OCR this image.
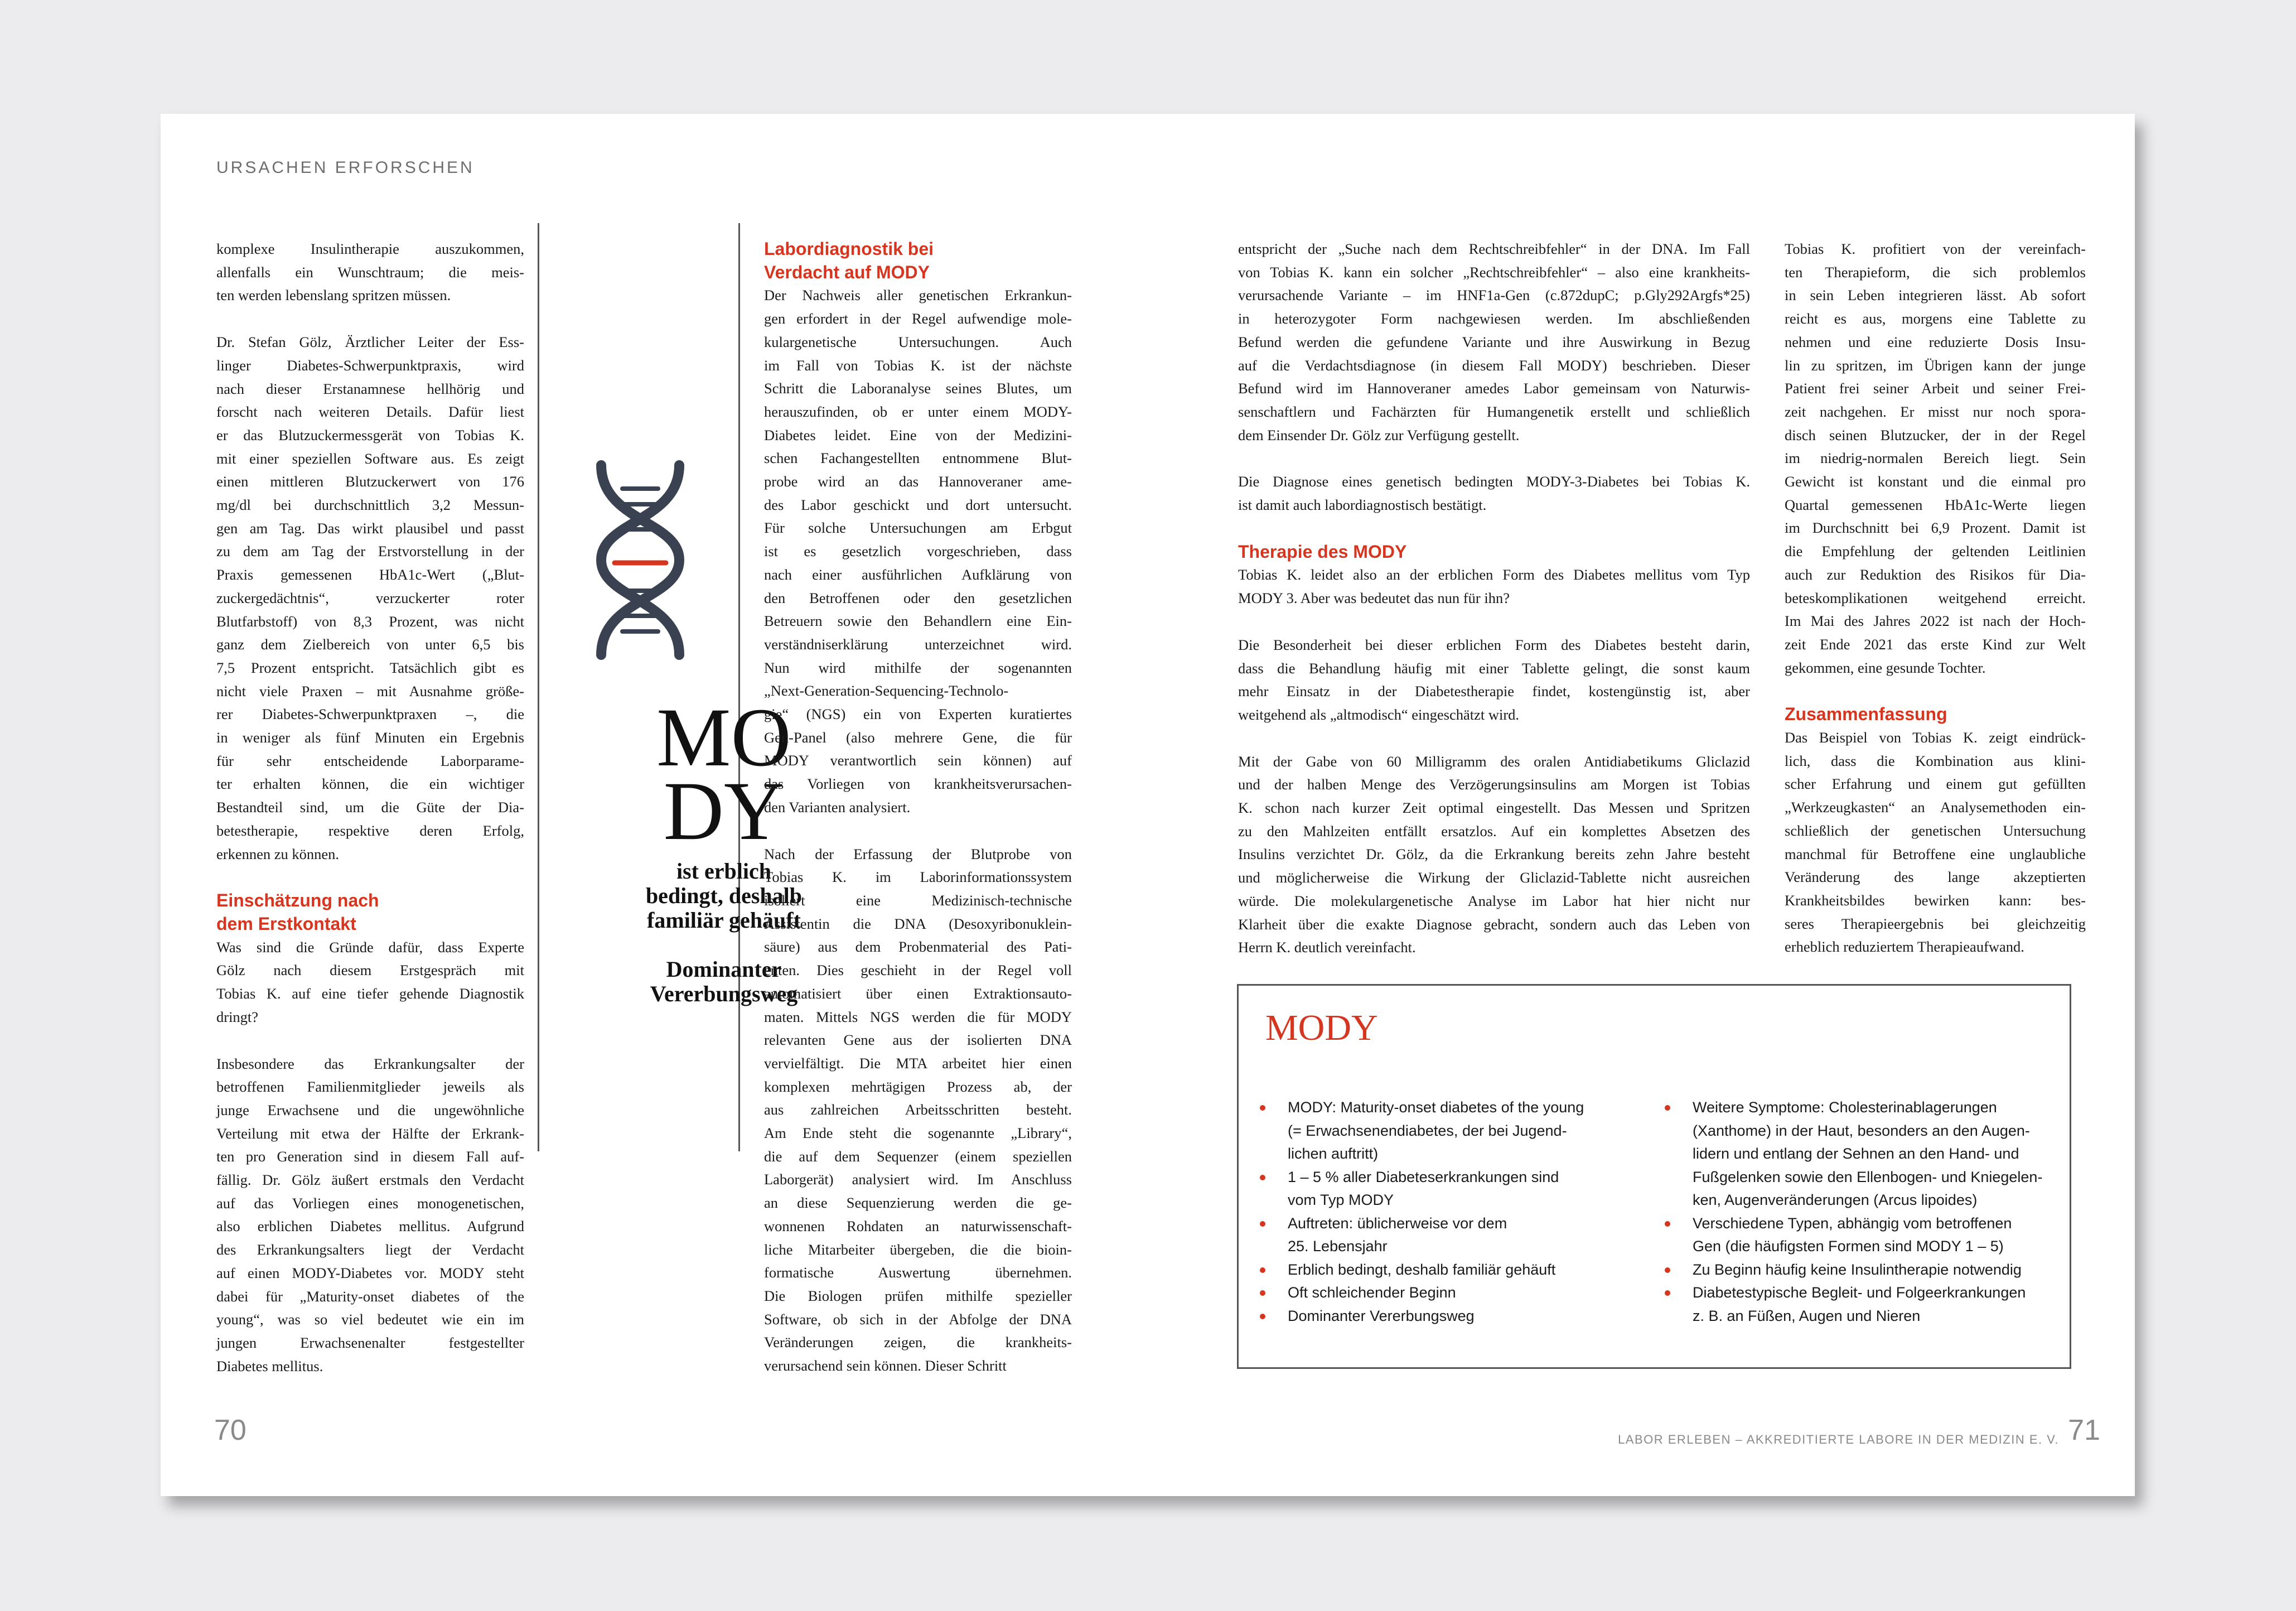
URSACHEN ERFORSCHEN

komplexe Insulintherapie auszukommen,
allenfalls ein Wunschtraum; die meis-
ten werden lebenslang spritzen müssen.

Dr. Stefan Gölz, Ärztlicher Leiter der Ess-
linger Diabetes-Schwerpunktpraxis, wird
nach dieser Erstanamnese hellhörig und
forscht nach weiteren Details. Dafür liest
er das Blutzuckermessgerät von Tobias K.
mit einer speziellen Software aus. Es zeigt
einen mittleren Blutzuckerwert von 176
mg/dl bei durchschnittlich 3,2 Messun-
gen am Tag. Das wirkt plausibel und passt
zu dem am Tag der Erstvorstellung in der
Praxis gemessenen HbA1c-Wert („Blut-
zuckergedächtnis“, verzuckerter roter
Blutfarbstoff) von 8,3 Prozent, was nicht
ganz dem Zielbereich von unter 6,5 bis
7,5 Prozent entspricht. Tatsächlich gibt es
nicht viele Praxen – mit Ausnahme größe-
rer Diabetes-Schwerpunktpraxen –, die
in weniger als fünf Minuten ein Ergebnis
für sehr entscheidende Laborparame-
ter erhalten können, die ein wichtiger
Bestandteil sind, um die Güte der Dia-
betestherapie, respektive deren Erfolg,
erkennen zu können.

Einschätzung nach
dem Erstkontakt

Was sind die Gründe dafür, dass Experte
Gölz nach diesem Erstgespräch mit
Tobias K. auf eine tiefer gehende Diagnostik
dringt?

Insbesondere das Erkrankungsalter der
betroffenen Familienmitglieder jeweils als
junge Erwachsene und die ungewöhnliche
Verteilung mit etwa der Hälfte der Erkrank-
ten pro Generation sind in diesem Fall auf-
fällig. Dr. Gölz äußert erstmals den Verdacht
auf das Vorliegen eines monogenetischen,
also erblichen Diabetes mellitus. Aufgrund
des Erkrankungsalters liegt der Verdacht
auf einen MODY-Diabetes vor. MODY steht
dabei für „Maturity-onset diabetes of the
young“, was so viel bedeutet wie ein im
jungen Erwachsenenalter festgestellter
Diabetes mellitus.

MO
DY
ist erblich
bedingt, deshalb
familiär gehäuft
Dominanter
Vererbungsweg
Labordiagnostik bei
Verdacht auf MODY

Der Nachweis aller genetischen Erkrankun-
gen erfordert in der Regel aufwendige mole-
kulargenetische Untersuchungen. Auch
im Fall von Tobias K. ist der nächste
Schritt die Laboranalyse seines Blutes, um
herauszufinden, ob er unter einem MODY-
Diabetes leidet. Eine von der Medizini-
schen Fachangestellten entnommene Blut-
probe wird an das Hannoveraner ame-
des Labor geschickt und dort untersucht.
Für solche Untersuchungen am Erbgut
ist es gesetzlich vorgeschrieben, dass
nach einer ausführlichen Aufklärung von
den Betroffenen oder den gesetzlichen
Betreuern sowie den Behandlern eine Ein-
verständniserklärung unterzeichnet wird.
Nun wird mithilfe der sogenannten
„Next-Generation-Sequencing-Technolo-
gie“ (NGS) ein von Experten kuratiertes
Gen-Panel (also mehrere Gene, die für
MODY verantwortlich sein können) auf
das Vorliegen von krankheitsverursachen-
den Varianten analysiert.

Nach der Erfassung der Blutprobe von
Tobias K. im Laborinformationssystem
isoliert eine Medizinisch-technische
Assistentin die DNA (Desoxyribonuklein-
säure) aus dem Probenmaterial des Pati-
enten. Dies geschieht in der Regel voll
automatisiert über einen Extraktionsauto-
maten. Mittels NGS werden die für MODY
relevanten Gene aus der isolierten DNA
vervielfältigt. Die MTA arbeitet hier einen
komplexen mehrtägigen Prozess ab, der
aus zahlreichen Arbeitsschritten besteht.
Am Ende steht die sogenannte „Library“,
die auf dem Sequenzer (einem speziellen
Laborgerät) analysiert wird. Im Anschluss
an diese Sequenzierung werden die ge-
wonnenen Rohdaten an naturwissenschaft-
liche Mitarbeiter übergeben, die die bioin-
formatische Auswertung übernehmen.
Die Biologen prüfen mithilfe spezieller
Software, ob sich in der Abfolge der DNA
Veränderungen zeigen, die krankheits-
verursachend sein können. Dieser Schritt

entspricht der „Suche nach dem Rechtschreibfehler“ in der DNA. Im Fall
von Tobias K. kann ein solcher „Rechtschreibfehler“ – also eine krankheits-
verursachende Variante – im HNF1a-Gen (c.872dupC; p.Gly292Argfs*25)
in heterozygoter Form nachgewiesen werden. Im abschließenden
Befund werden die gefundene Variante und ihre Auswirkung in Bezug
auf die Verdachtsdiagnose (in diesem Fall MODY) beschrieben. Dieser
Befund wird im Hannoveraner amedes Labor gemeinsam von Naturwis-
senschaftlern und Fachärzten für Humangenetik erstellt und schließlich
dem Einsender Dr. Gölz zur Verfügung gestellt.

Die Diagnose eines genetisch bedingten MODY-3-Diabetes bei Tobias K.
ist damit auch labordiagnostisch bestätigt.

Therapie des MODY

Tobias K. leidet also an der erblichen Form des Diabetes mellitus vom Typ
MODY 3. Aber was bedeutet das nun für ihn?

Die Besonderheit bei dieser erblichen Form des Diabetes besteht darin,
dass die Behandlung häufig mit einer Tablette gelingt, die sonst kaum
mehr Einsatz in der Diabetestherapie findet, kostengünstig ist, aber
weitgehend als „altmodisch“ eingeschätzt wird.

Mit der Gabe von 60 Milligramm des oralen Antidiabetikums Gliclazid
und der halben Menge des Verzögerungsinsulins am Morgen ist Tobias
K. schon nach kurzer Zeit optimal eingestellt. Das Messen und Spritzen
zu den Mahlzeiten entfällt ersatzlos. Auf ein komplettes Absetzen des
Insulins verzichtet Dr. Gölz, da die Erkrankung bereits zehn Jahre besteht
und möglicherweise die Wirkung der Gliclazid-Tablette nicht ausreichen
würde. Die molekulargenetische Analyse im Labor hat hier nicht nur
Klarheit über die exakte Diagnose gebracht, sondern auch das Leben von
Herrn K. deutlich vereinfacht.

Tobias K. profitiert von der vereinfach-
ten Therapieform, die sich problemlos
in sein Leben integrieren lässt. Ab sofort
reicht es aus, morgens eine Tablette zu
nehmen und eine reduzierte Dosis Insu-
lin zu spritzen, im Übrigen kann der junge
Patient frei seiner Arbeit und seiner Frei-
zeit nachgehen. Er misst nur noch spora-
disch seinen Blutzucker, der in der Regel
im niedrig-normalen Bereich liegt. Sein
Gewicht ist konstant und die einmal pro
Quartal gemessenen HbA1c-Werte liegen
im Durchschnitt bei 6,9 Prozent. Damit ist
die Empfehlung der geltenden Leitlinien
auch zur Reduktion des Risikos für Dia-
beteskomplikationen weitgehend erreicht.
Im Mai des Jahres 2022 ist nach der Hoch-
zeit Ende 2021 das erste Kind zur Welt
gekommen, eine gesunde Tochter.

Zusammenfassung

Das Beispiel von Tobias K. zeigt eindrück-
lich, dass die Kombination aus klini-
scher Erfahrung und einem gut gefüllten
„Werkzeugkasten“ an Analysemethoden ein-
schließlich der genetischen Untersuchung
manchmal für Betroffene eine unglaubliche
Veränderung des lange akzeptierten
Krankheitsbildes bewirken kann: bes-
seres Therapieergebnis bei gleichzeitig
erheblich reduziertem Therapieaufwand.

MODY
MODY: Maturity-onset diabetes of the young
(= Erwachsenendiabetes, der bei Jugend-
lichen auftritt)
1 – 5 % aller Diabeteserkrankungen sind
vom Typ MODY
Auftreten: üblicherweise vor dem
25. Lebensjahr
Erblich bedingt, deshalb familiär gehäuft
Oft schleichender Beginn
Dominanter Vererbungsweg
Weitere Symptome: Cholesterinablagerungen
(Xanthome) in der Haut, besonders an den Augen-
lidern und entlang der Sehnen an den Hand- und
Fußgelenken sowie den Ellenbogen- und Kniegelen-
ken, Augenveränderungen (Arcus lipoides)
Verschiedene Typen, abhängig vom betroffenen
Gen (die häufigsten Formen sind MODY 1 – 5)
Zu Beginn häufig keine Insulintherapie notwendig
Diabetestypische Begleit- und Folgeerkrankungen
z. B. an Füßen, Augen und Nieren
70	LABOR ERLEBEN – AKKREDITIERTE LABORE IN DER MEDIZIN E. V. 71
